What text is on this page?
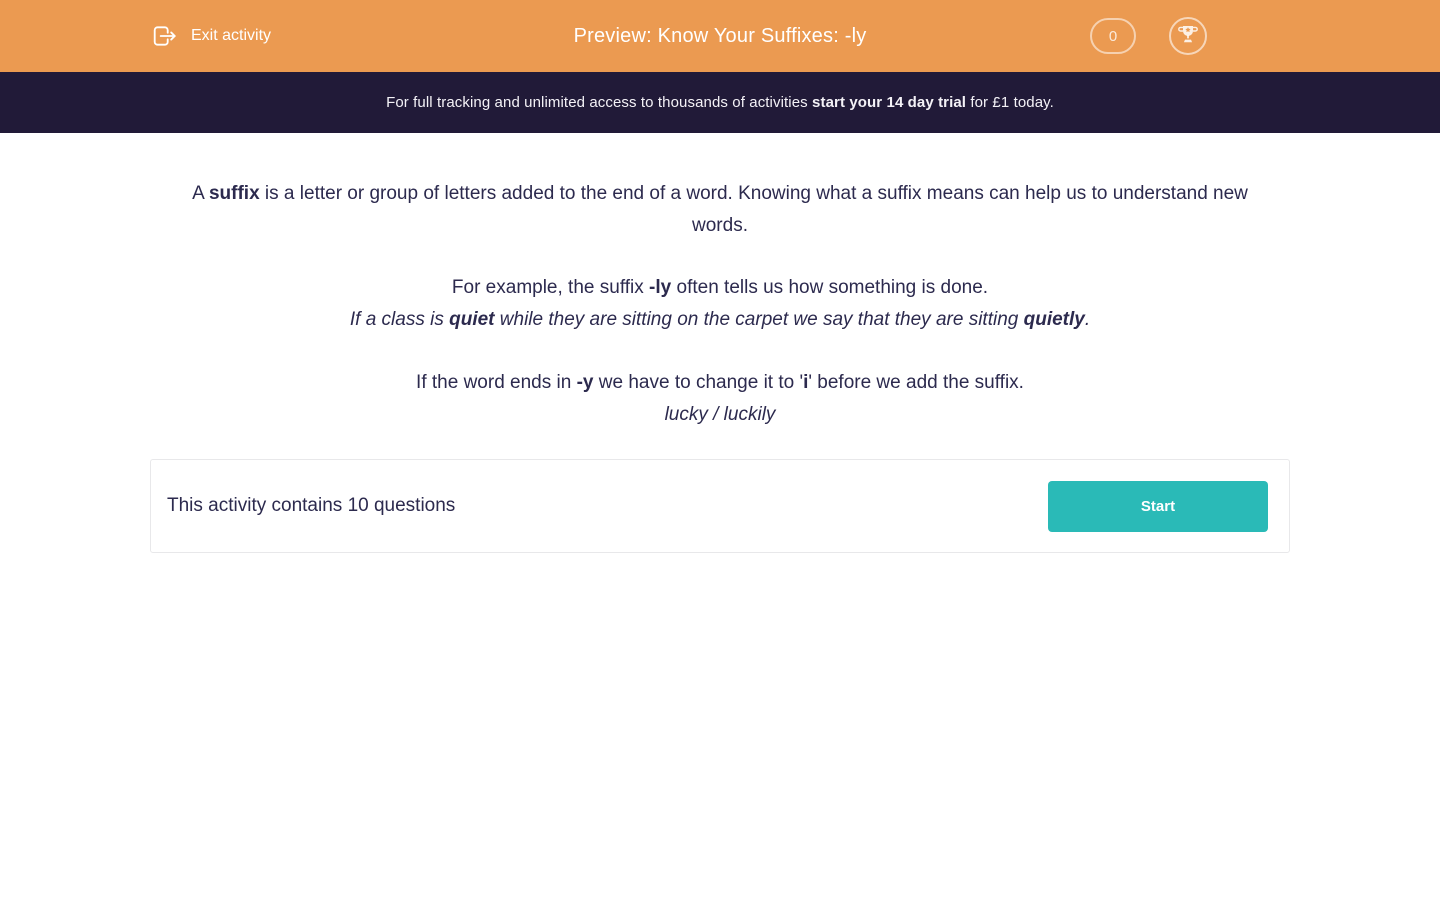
Exit activity	Preview: Know Your Suffixes: -ly	0

For full tracking and unlimited access to thousands of activities start your 14 day trial for £1 today.

A suffix is a letter or group of letters added to the end of a word. Knowing what a suffix means can help us to understand new words.

For example, the suffix -ly often tells us how something is done.
If a class is quiet while they are sitting on the carpet we say that they are sitting quietly.
If the word ends in -y we have to change it to 'i' before we add the suffix.
lucky / luckily

This activity contains 10 questions	Start
